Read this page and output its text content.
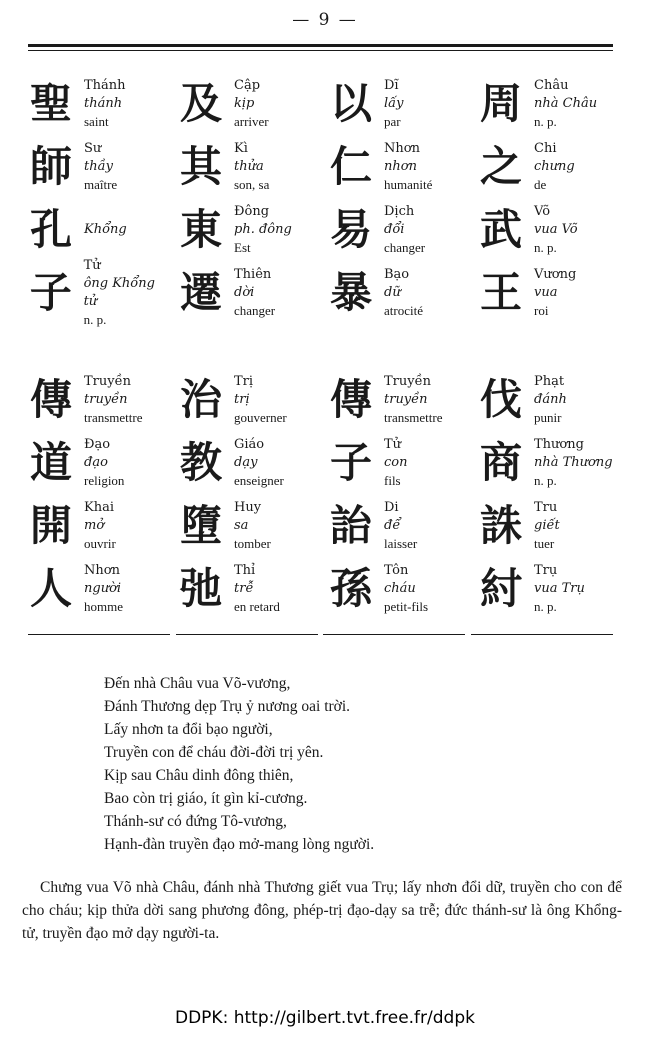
— 9 —
聖 Thánh
thánh
saint
師 Sư
thầy
maître
孔 Khổng
子
Tử
ông Khổng tử
n. p.
及 Cập
kịp
arriver
其 Kì
thửa
son, sa
東 Đông
ph. đông
Est
遷 Thiên
dời
changer
以 Dĩ
lấy
par
仁 Nhơn
nhơn
humanité
易 Dịch
đổi
changer
暴 Bạo
dữ
atrocité
周 Châu
nhà Châu
n. p.
之 Chi
chưng
de
武 Võ
vua Võ
n. p.
王 Vương
vua
roi
傳 Truyền
truyền
transmettre
道 Đạo
đạo
religion
開 Khai
mở
ouvrir
人 Nhơn
người
homme
治 Trị
trị
gouverner
教 Giáo
dạy
enseigner
墮 Huy
sa
tomber
弛 Thỉ
trễ
en retard
傳 Truyền
truyền
transmettre
子 Tử
con
fils
詒 Di
để
laisser
孫 Tôn
cháu
petit-fils
伐 Phạt
đánh
punir
商 Thương
nhà Thương
n. p.
誅 Tru
giết
tuer
紂 Trụ
vua Trụ
n. p.
Đến nhà Châu vua Võ-vương,
Đánh Thương dẹp Trụ ỷ nương oai trời.
Lấy nhơn ta đổi bạo người,
Truyền con để cháu đời-đời trị yên.
Kịp sau Châu dinh đông thiên,
Bao còn trị giáo, ít gìn kỉ-cương.
Thánh-sư có đứng Tô-vương,
Hạnh-đàn truyền đạo mở-mang lòng người.
Chưng vua Võ nhà Châu, đánh nhà Thương giết vua Trụ; lấy nhơn đổi dữ, truyền cho con để cho cháu; kịp thửa dời sang phương đông, phép-trị đạo-dạy sa trễ; đức thánh-sư là ông Khổng-tử, truyền đạo mở dạy người-ta.
DDPK: http://gilbert.tvt.free.fr/ddpk
